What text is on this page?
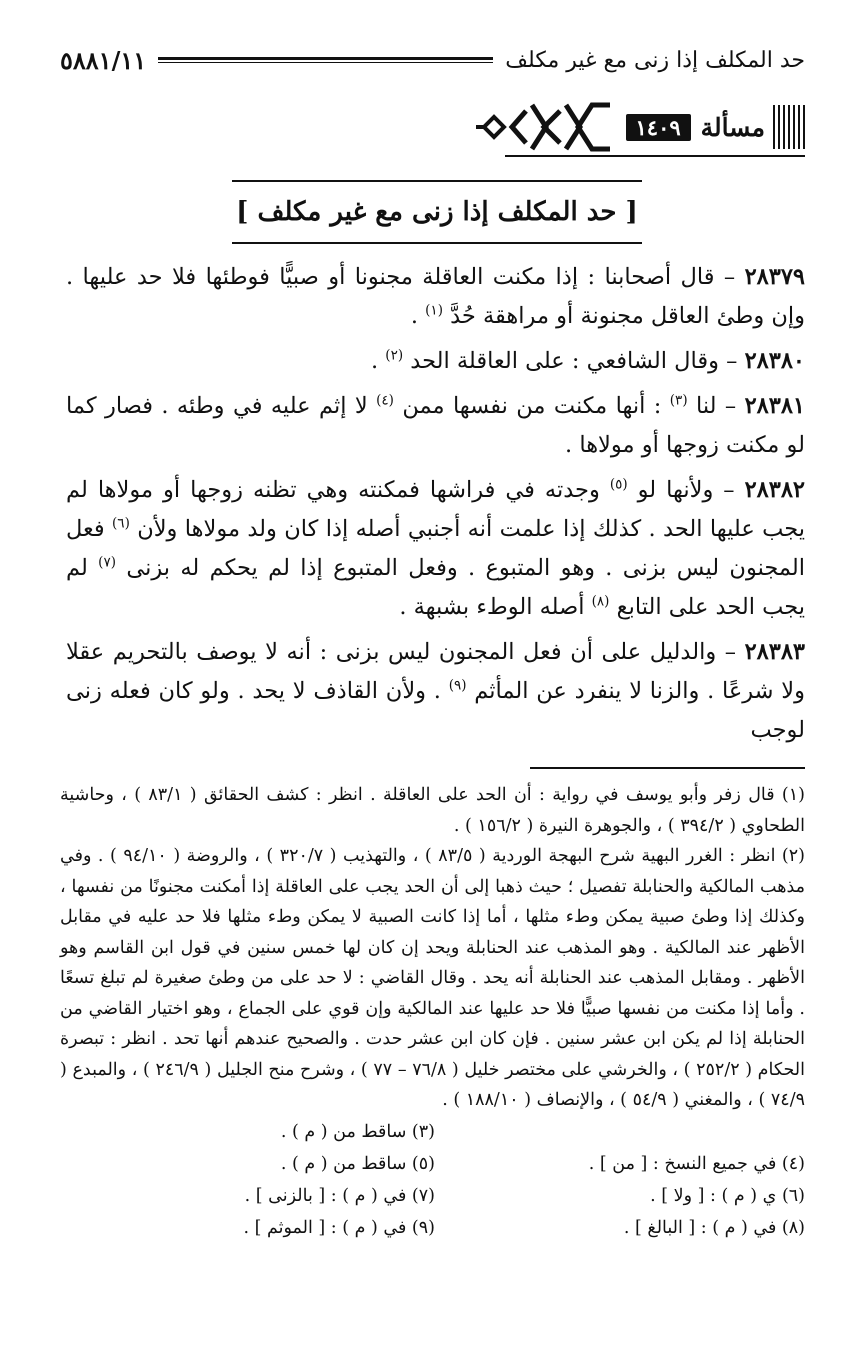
حد المكلف إذا زنى مع غير مكلف
٥٨٨١/١١
مسألة
١٤٠٩
[ حد المكلف إذا زنى مع غير مكلف ]

٢٨٣٧٩ – قال أصحابنا : إذا مكنت العاقلة مجنونا أو صبيًّا فوطئها فلا حد عليها . وإن وطئ العاقل مجنونة أو مراهقة حُدَّ $^{(١)}$ .

٢٨٣٨٠ – وقال الشافعي : على العاقلة الحد $^{(٢)}$ .

٢٨٣٨١ – لنا $^{(٣)}$ : أنها مكنت من نفسها ممن $^{(٤)}$ لا إثم عليه في وطئه . فصار كما لو مكنت زوجها أو مولاها .

٢٨٣٨٢ – ولأنها لو $^{(٥)}$ وجدته في فراشها فمكنته وهي تظنه زوجها أو مولاها لم يجب عليها الحد . كذلك إذا علمت أنه أجنبي أصله إذا كان ولد مولاها ولأن $^{(٦)}$ فعل المجنون ليس بزنى . وهو المتبوع . وفعل المتبوع إذا لم يحكم له بزنى $^{(٧)}$ لم يجب الحد على التابع $^{(٨)}$ أصله الوطء بشبهة .

٢٨٣٨٣ – والدليل على أن فعل المجنون ليس بزنى : أنه لا يوصف بالتحريم عقلا ولا شرعًا . والزنا لا ينفرد عن المأثم $^{(٩)}$ . ولأن القاذف لا يحد . ولو كان فعله زنى لوجب

(١) قال زفر وأبو يوسف في رواية : أن الحد على العاقلة . انظر : كشف الحقائق ( ٨٣/١ ) ، وحاشية الطحاوي ( ٣٩٤/٢ ) ، والجوهرة النيرة ( ١٥٦/٢ ) .

(٢) انظر : الغرر البهية شرح البهجة الوردية ( ٨٣/٥ ) ، والتهذيب ( ٣٢٠/٧ ) ، والروضة ( ٩٤/١٠ ) . وفي مذهب المالكية والحنابلة تفصيل ؛ حيث ذهبا إلى أن الحد يجب على العاقلة إذا أمكنت مجنونًا من نفسها ، وكذلك إذا وطئ صبية يمكن وطء مثلها ، أما إذا كانت الصبية لا يمكن وطء مثلها فلا حد عليه في مقابل الأظهر عند المالكية . وهو المذهب عند الحنابلة ويحد إن كان لها خمس سنين في قول ابن القاسم وهو الأظهر . ومقابل المذهب عند الحنابلة أنه يحد . وقال القاضي : لا حد على من وطئ صغيرة لم تبلغ تسعًا . وأما إذا مكنت من نفسها صبيًّا فلا حد عليها عند المالكية وإن قوي على الجماع ، وهو اختيار القاضي من الحنابلة إذا لم يكن ابن عشر سنين . فإن كان ابن عشر حدت . والصحيح عندهم أنها تحد . انظر : تبصرة الحكام ( ٢٥٢/٢ ) ، والخرشي على مختصر خليل ( ٧٦/٨ – ٧٧ ) ، وشرح منح الجليل ( ٢٤٦/٩ ) ، والمبدع ( ٧٤/٩ ) ، والمغني ( ٥٤/٩ ) ، والإنصاف ( ١٨٨/١٠ ) .

(٣) ساقط من ( م ) .
(٤) في جميع النسخ : [ من ] .
(٥) ساقط من ( م ) .
(٦) ي ( م ) : [ ولا ] .
(٧) في ( م ) : [ بالزنى ] .
(٨) في ( م ) : [ البالغ ] .
(٩) في ( م ) : [ الموثم ] .
